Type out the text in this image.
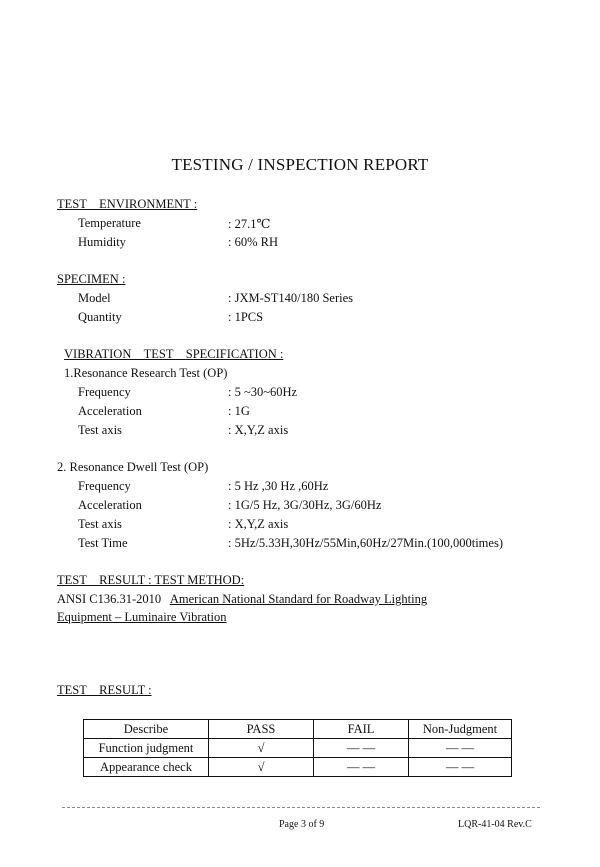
TESTING / INSPECTION REPORT
TEST    ENVIRONMENT :
Temperature	: 27.1℃
Humidity	: 60% RH
SPECIMEN :
Model	: JXM-ST140/180 Series
Quantity	: 1PCS
VIBRATION    TEST    SPECIFICATION :
1.Resonance Research Test (OP)
Frequency	: 5 ~30~60Hz
Acceleration	: 1G
Test axis	: X,Y,Z axis
2. Resonance Dwell Test (OP)
Frequency	: 5 Hz ,30 Hz ,60Hz
Acceleration	: 1G/5 Hz, 3G/30Hz, 3G/60Hz
Test axis	: X,Y,Z axis
Test Time	: 5Hz/5.33H,30Hz/55Min,60Hz/27Min.(100,000times)
TEST    RESULT : TEST METHOD:
ANSI C136.31-2010 American National Standard for Roadway Lighting
Equipment – Luminaire Vibration
TEST    RESULT :
Describe	PASS	FAIL	Non-Judgment
Function judgment	√	— —	— —
Appearance check	√	— —	— —
Page 3 of 9	LQR-41-04 Rev.C
